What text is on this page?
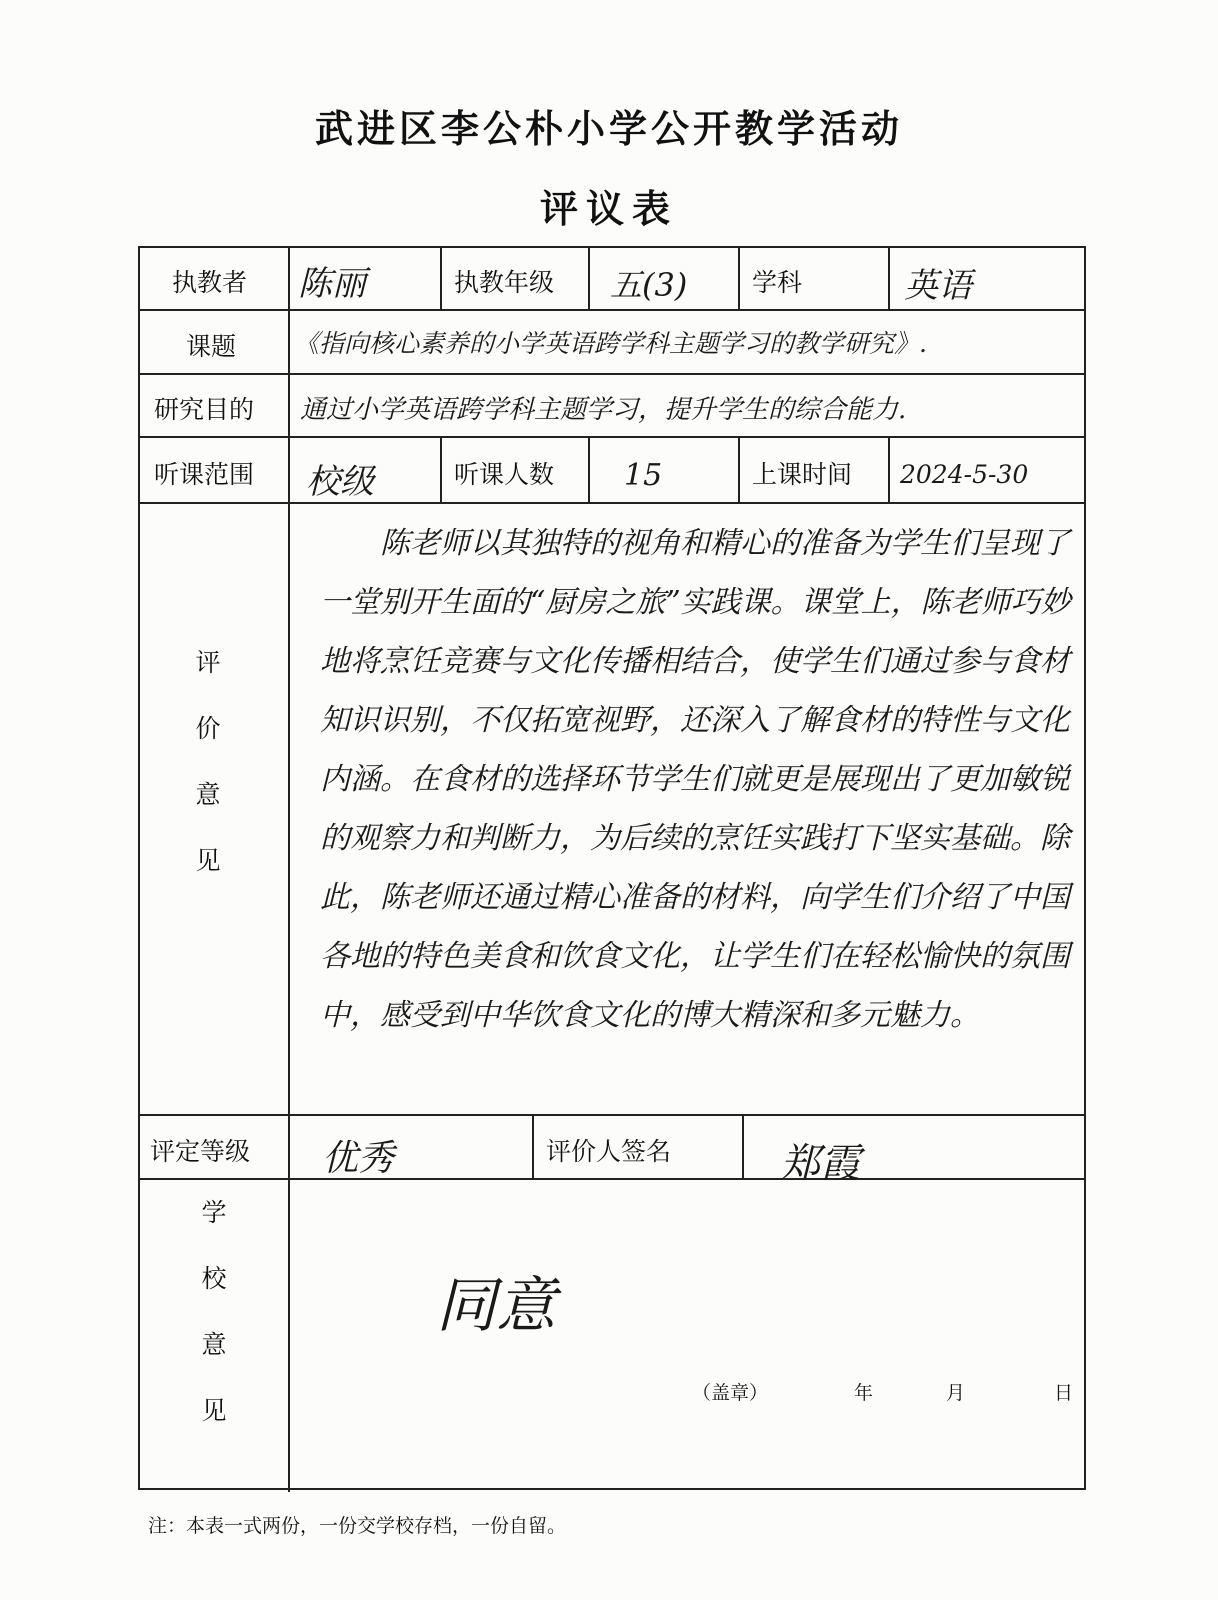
武进区李公朴小学公开教学活动
评议表
执教者 陈丽	执教年级 五(3)	学科	英语
课题 《指向核心素养的小学英语跨学科主题学习的教学研究》.
研究目的 通过小学英语跨学科主题学习，提升学生的综合能力.
听课范围 校级	听课人数 15	上课时间 2024-5-30
评
价
意
见
陈老师以其独特的视角和精心的准备为学生们呈现了一堂别开生面的“厨房之旅”实践课。课堂上，陈老师巧妙地将烹饪竞赛与文化传播相结合，使学生们通过参与食材知识识别，不仅拓宽视野，还深入了解食材的特性与文化内涵。在食材的选择环节学生们就更是展现出了更加敏锐的观察力和判断力，为后续的烹饪实践打下坚实基础。除此，陈老师还通过精心准备的材料，向学生们介绍了中国各地的特色美食和饮食文化，让学生们在轻松愉快的氛围中，感受到中华饮食文化的博大精深和多元魅力。
评定等级 优秀	评价人签名	郑霞
学
校
意
见
同意
（盖章）	年	月	日
注：本表一式两份，一份交学校存档，一份自留。
